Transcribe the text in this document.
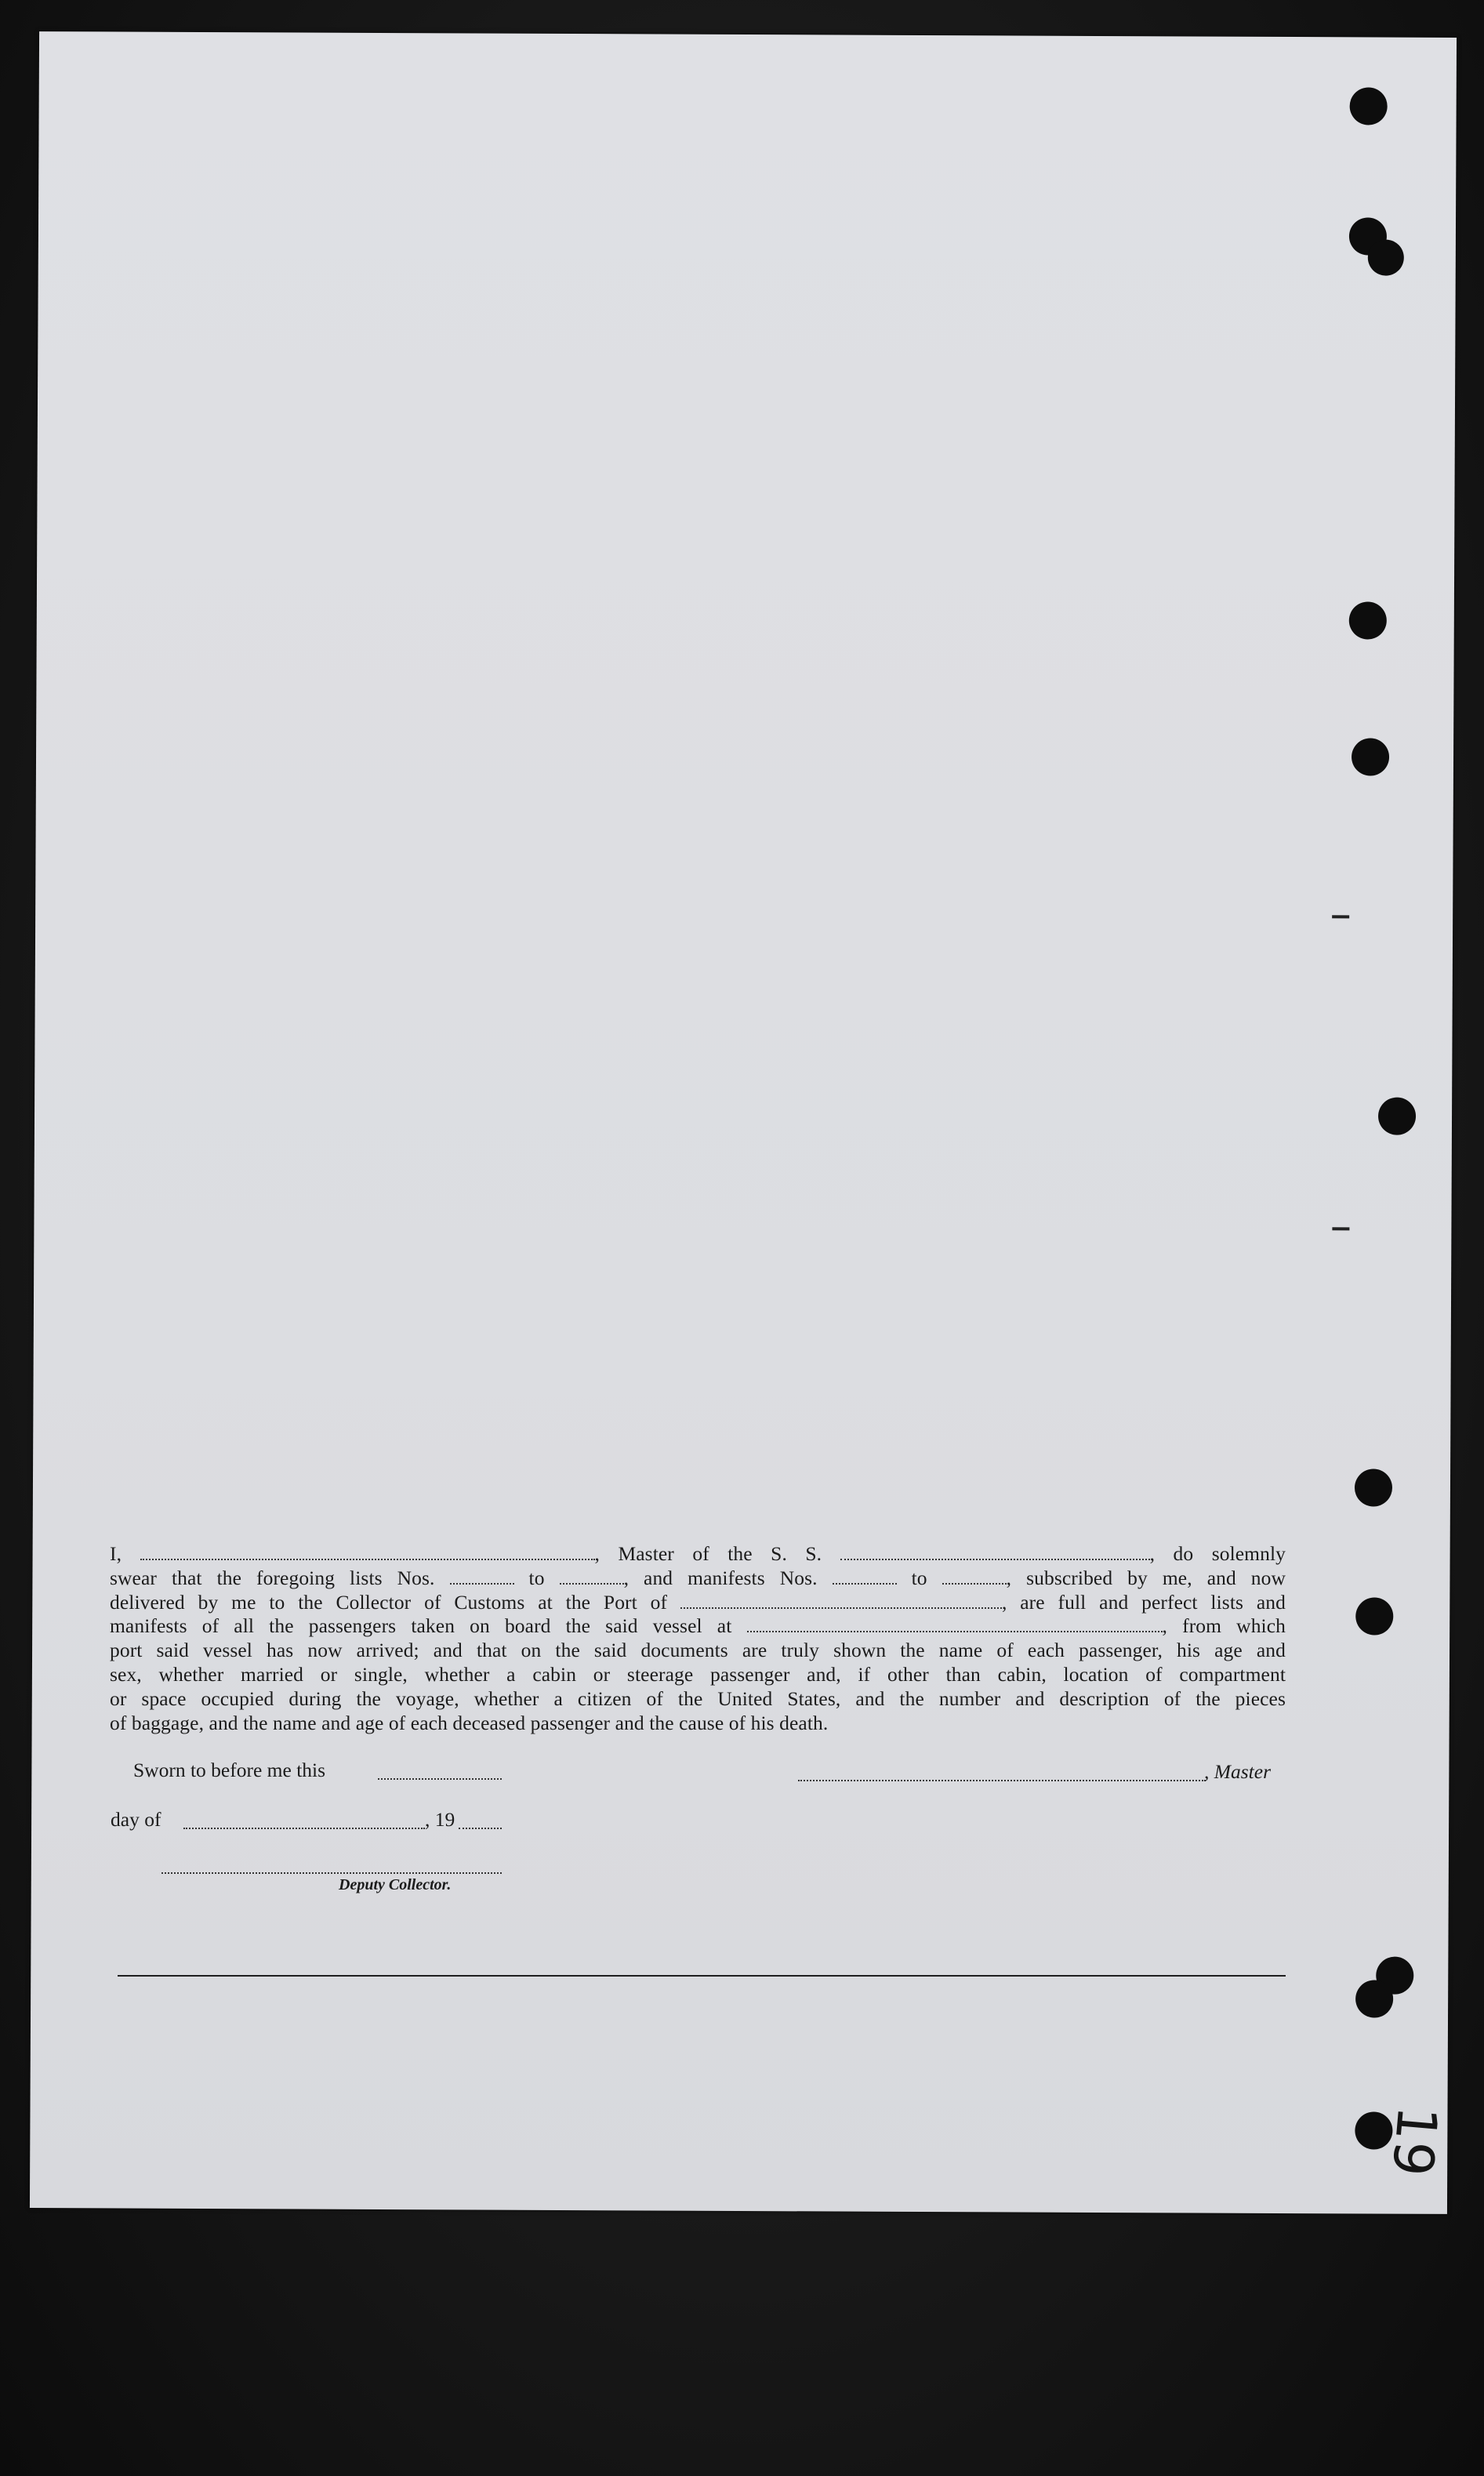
I,	, Master of the S. S.	, do solemnly
swear that the foregoing lists Nos.	to	, and manifests Nos.	to	, subscribed by me, and now
delivered by me to the Collector of Customs at the Port of	, are full and perfect lists and
manifests of all the passengers taken on board the said vessel at	, from which
port said vessel has now arrived; and that on the said documents are truly shown the name of each passenger, his age and
sex, whether married or single, whether a cabin or steerage passenger and, if other than cabin, location of compartment
or space occupied during the voyage, whether a citizen of the United States, and the number and description of the pieces
of baggage, and the name and age of each deceased passenger and the cause of his death.
Sworn to before me this	, Master
day of	, 19
Deputy Collector.
19
